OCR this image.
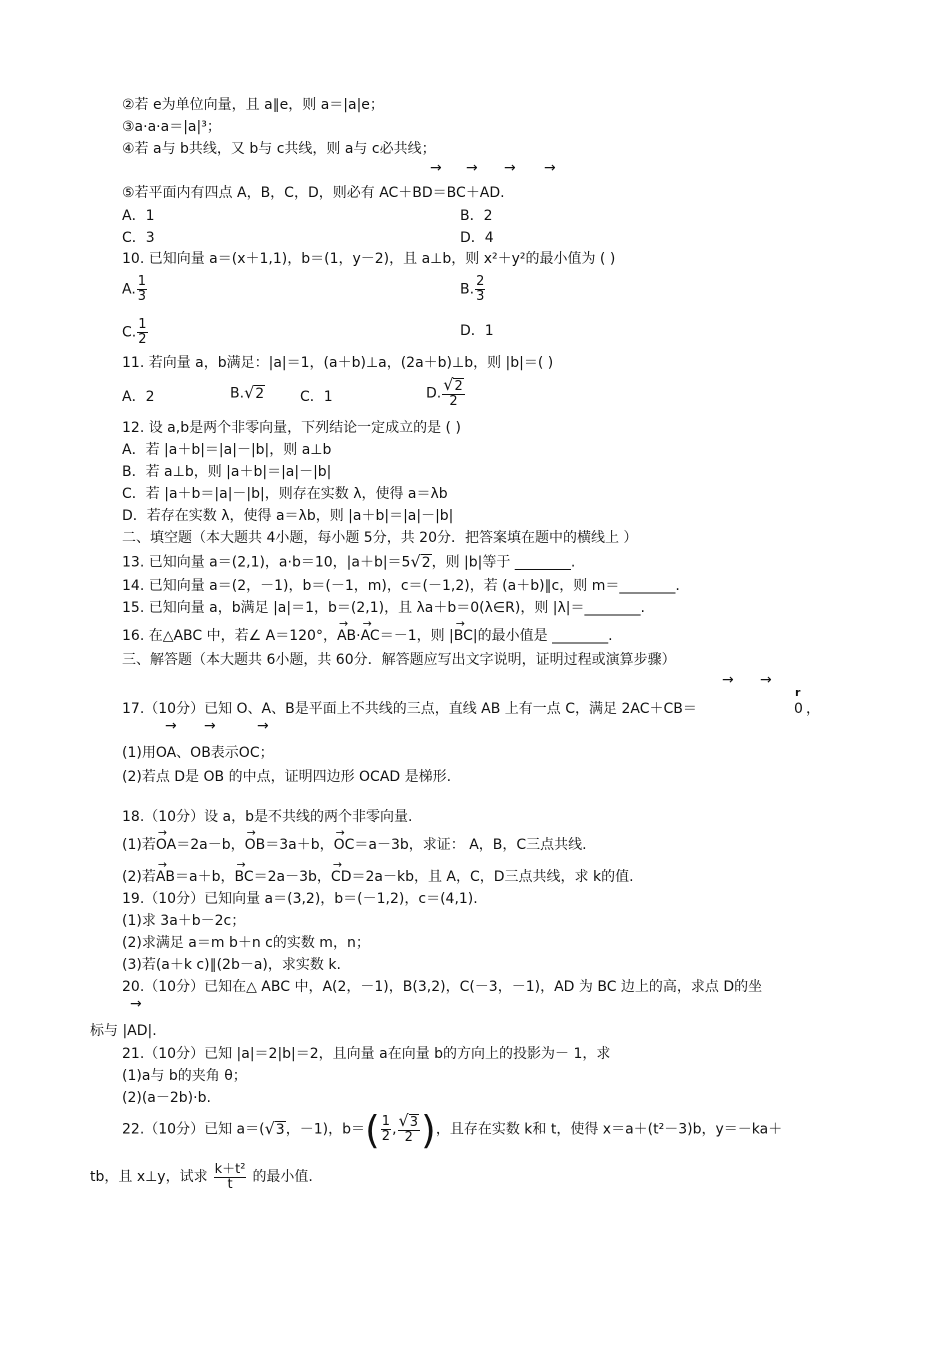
②若 e为单位向量，且 a∥e，则 a＝|a|e；
③a·a·a＝|a|³；
④若 a与 b共线，又 b与 c共线，则 a与 c必共线；
→ → → →
⑤若平面内有四点 A，B，C，D，则必有 AC＋BD＝BC＋AD.
A．1	B．2
C．3	D．4
10. 已知向量 a＝(x＋1,1)，b＝(1，y－2)，且 a⊥b，则 x²＋y²的最小值为 ( )
A. $\frac{1}{3}$	B. $\frac{2}{3}$
C. $\frac{1}{2}$	D．1
11. 若向量 a，b满足：|a|＝1，(a＋b)⊥a，(2a＋b)⊥b，则 |b|＝( )
A．2	B.√2	C．1	D. $\frac{√2}{2}$
12. 设 a,b是两个非零向量，下列结论一定成立的是 ( )
A．若 |a＋b|＝|a|－|b|，则 a⊥b
B．若 a⊥b，则 |a＋b|＝|a|－|b|
C．若 |a＋b＝|a|－|b|，则存在实数 λ，使得 a＝λb
D．若存在实数 λ，使得 a＝λb，则 |a＋b|＝|a|－|b|
二、填空题（本大题共 4小题，每小题 5分，共 20分．把答案填在题中的横线上 ）
13. 已知向量 a＝(2,1)，a·b＝10，|a＋b|＝5√2，则 |b|等于 ________.
14. 已知向量 a＝(2，－1)，b＝(－1，m)，c＝(－1,2)，若 (a＋b)∥c，则 m＝________.
15. 已知向量 a，b满足 |a|＝1，b＝(2,1)，且 λa＋b＝0(λ∈R)，则 |λ|＝________.
16. 在△ABC 中，若∠ A＝120°，→ AB·→ AC＝－1，则 |→ BC|的最小值是 ________.
三、解答题（本大题共 6小题，共 60分．解答题应写出文字说明，证明过程或演算步骤）
→ →
r
17.（10分）已知 O、A、B是平面上不共线的三点，直线 AB 上有一点 C，满足 2AC＋CB＝	0 ，
→ →	→
(1)用OA、OB表示OC；
(2)若点 D是 OB 的中点，证明四边形 OCAD 是梯形.
18.（10分）设 a，b是不共线的两个非零向量.
(1)若→ OA＝2a－b，→ OB＝3a＋b，→ OC＝a－3b，求证： A，B，C三点共线.
(2)若→ AB＝a＋b，→ BC＝2a－3b，→ CD＝2a－kb，且 A，C，D三点共线，求 k的值.
19.（10分）已知向量 a＝(3,2)，b＝(－1,2)，c＝(4,1).
(1)求 3a＋b－2c；
(2)求满足 a＝m b＋n c的实数 m，n；
(3)若(a＋k c)∥(2b－a)，求实数 k.
20.（10分）已知在△ ABC 中，A(2，－1)，B(3,2)，C(－3，－1)，AD 为 BC 边上的高，求点 D的坐
→
标与 |AD|.
21.（10分）已知 |a|＝2|b|＝2，且向量 a在向量 b的方向上的投影为－ 1，求
(1)a与 b的夹角 θ；
(2)(a－2b)·b.
22.（10分）已知 a＝(√3，－1)，$b=( \frac{1}{2}$ , $\frac{√3}{2}$ )，且存在实数 k和 t，使得 x＝a＋(t²－3)b，y＝－ka＋
tb，且 x⊥y，试求 $\frac{\text{k＋t²}}{t}$ 的最小值.
